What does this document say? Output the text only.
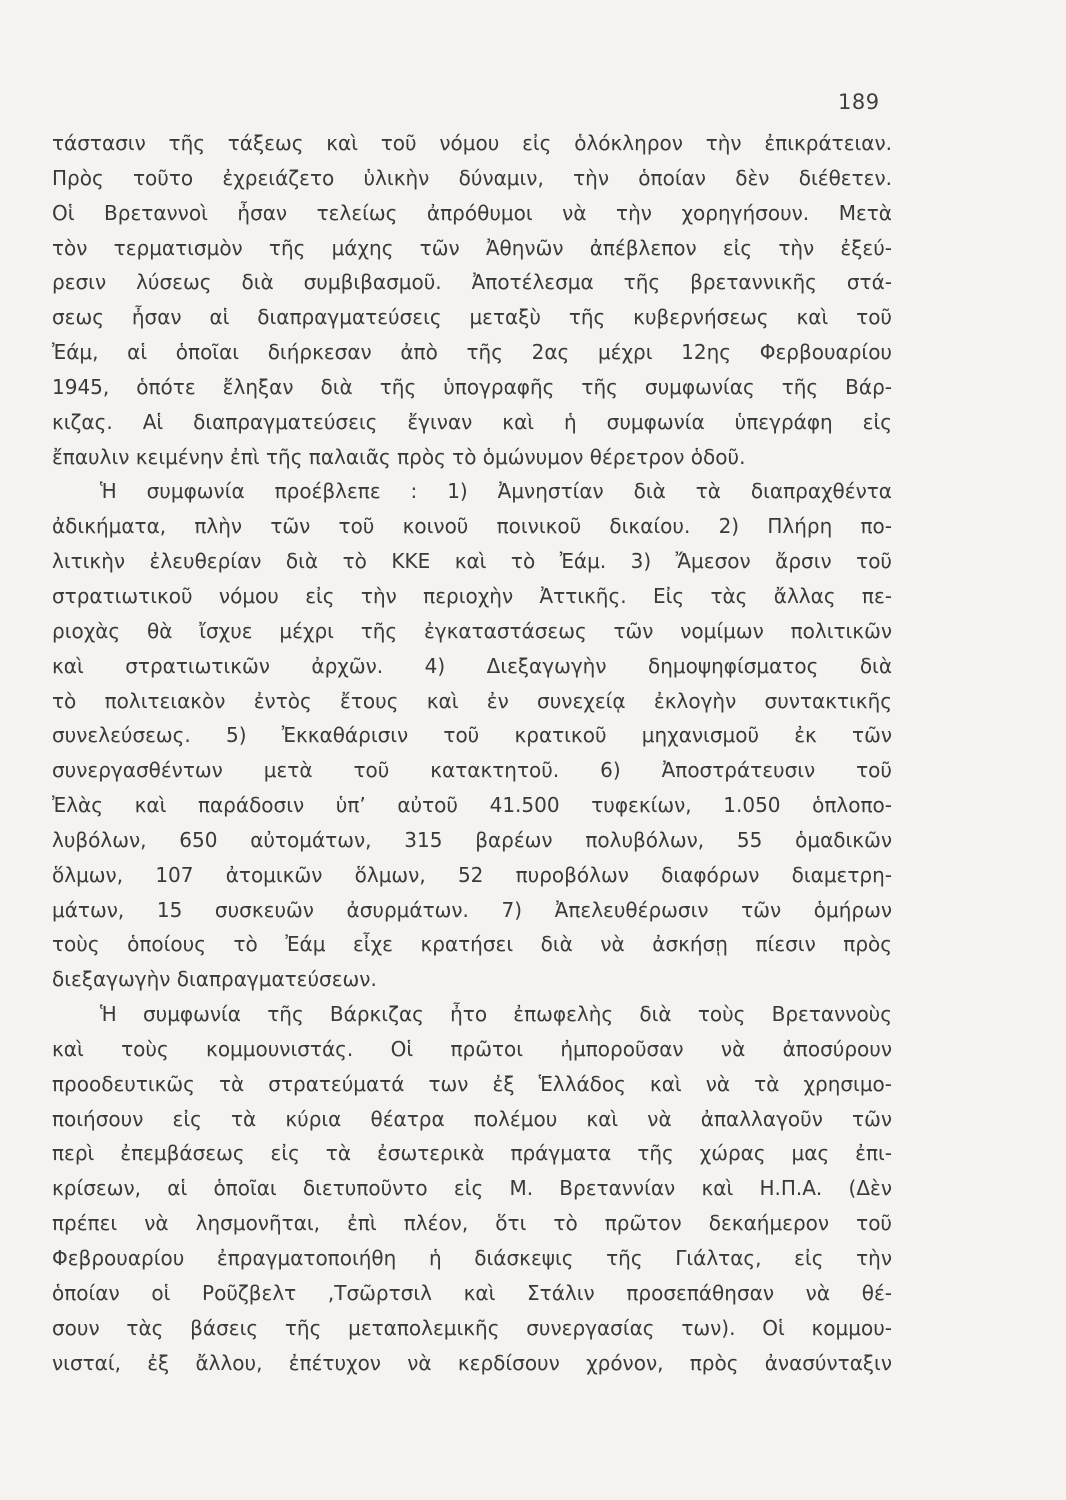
189
τάστασιν τῆς τάξεως καὶ τοῦ νόμου εἰς ὁλόκληρον τὴν ἐπικράτειαν.
Πρὸς τοῦτο ἐχρειάζετο ὑλικὴν δύναμιν, τὴν ὁποίαν δὲν διέθετεν.
Οἱ Βρεταννοὶ ἦσαν τελείως ἀπρόθυμοι νὰ τὴν χορηγήσουν. Μετὰ
τὸν τερματισμὸν τῆς μάχης τῶν Ἀθηνῶν ἀπέβλεπον εἰς τὴν ἐξεύ-
ρεσιν λύσεως διὰ συμβιβασμοῦ. Ἀποτέλεσμα τῆς βρεταννικῆς στά-
σεως ἦσαν αἱ διαπραγματεύσεις μεταξὺ τῆς κυβερνήσεως καὶ τοῦ
Ἐάμ, αἱ ὁποῖαι διήρκεσαν ἀπὸ τῆς 2ας μέχρι 12ης Φερβουαρίου
1945, ὁπότε ἔληξαν διὰ τῆς ὑπογραφῆς τῆς συμφωνίας τῆς Βάρ-
κιζας. Αἱ διαπραγματεύσεις ἔγιναν καὶ ἡ συμφωνία ὑπεγράφη εἰς
ἔπαυλιν κειμένην ἐπὶ τῆς παλαιᾶς πρὸς τὸ ὁμώνυμον θέρετρον ὁδοῦ.
Ἡ συμφωνία προέβλεπε : 1) Ἀμνηστίαν διὰ τὰ διαπραχθέντα
ἀδικήματα, πλὴν τῶν τοῦ κοινοῦ ποινικοῦ δικαίου. 2) Πλήρη πο-
λιτικὴν ἐλευθερίαν διὰ τὸ ΚΚΕ καὶ τὸ Ἐάμ. 3) Ἄμεσον ἄρσιν τοῦ
στρατιωτικοῦ νόμου εἰς τὴν περιοχὴν Ἀττικῆς. Εἰς τὰς ἄλλας πε-
ριοχὰς θὰ ἴσχυε μέχρι τῆς ἐγκαταστάσεως τῶν νομίμων πολιτικῶν
καὶ στρατιωτικῶν ἀρχῶν. 4) Διεξαγωγὴν δημοψηφίσματος διὰ
τὸ πολιτειακὸν ἐντὸς ἔτους καὶ ἐν συνεχείᾳ ἐκλογὴν συντακτικῆς
συνελεύσεως. 5) Ἐκκαθάρισιν τοῦ κρατικοῦ μηχανισμοῦ ἐκ τῶν
συνεργασθέντων μετὰ τοῦ κατακτητοῦ. 6) Ἀποστράτευσιν τοῦ
Ἐλὰς καὶ παράδοσιν ὑπ’ αὐτοῦ 41.500 τυφεκίων, 1.050 ὁπλοπο-
λυβόλων, 650 αὐτομάτων, 315 βαρέων πολυβόλων, 55 ὁμαδικῶν
ὅλμων, 107 ἀτομικῶν ὅλμων, 52 πυροβόλων διαφόρων διαμετρη-
μάτων, 15 συσκευῶν ἀσυρμάτων. 7) Ἀπελευθέρωσιν τῶν ὁμήρων
τοὺς ὁποίους τὸ Ἐάμ εἶχε κρατήσει διὰ νὰ ἀσκήσῃ πίεσιν πρὸς
διεξαγωγὴν διαπραγματεύσεων.
Ἡ συμφωνία τῆς Βάρκιζας ἦτο ἐπωφελὴς διὰ τοὺς Βρεταννοὺς
καὶ τοὺς κομμουνιστάς. Οἱ πρῶτοι ἠμποροῦσαν νὰ ἀποσύρουν
προοδευτικῶς τὰ στρατεύματά των ἐξ Ἑλλάδος καὶ νὰ τὰ χρησιμο-
ποιήσουν εἰς τὰ κύρια θέατρα πολέμου καὶ νὰ ἀπαλλαγοῦν τῶν
περὶ ἐπεμβάσεως εἰς τὰ ἐσωτερικὰ πράγματα τῆς χώρας μας ἐπι-
κρίσεων, αἱ ὁποῖαι διετυποῦντο εἰς Μ. Βρεταννίαν καὶ Η.Π.Α. (Δὲν
πρέπει νὰ λησμονῆται, ἐπὶ πλέον, ὅτι τὸ πρῶτον δεκαήμερον τοῦ
Φεβρουαρίου ἐπραγματοποιήθη ἡ διάσκεψις τῆς Γιάλτας, εἰς τὴν
ὁποίαν οἱ Ροῦζβελτ ,Τσῶρτσιλ καὶ Στάλιν προσεπάθησαν νὰ θέ-
σουν τὰς βάσεις τῆς μεταπολεμικῆς συνεργασίας των). Οἱ κομμου-
νισταί, ἐξ ἄλλου, ἐπέτυχον νὰ κερδίσουν χρόνον, πρὸς ἀνασύνταξιν
